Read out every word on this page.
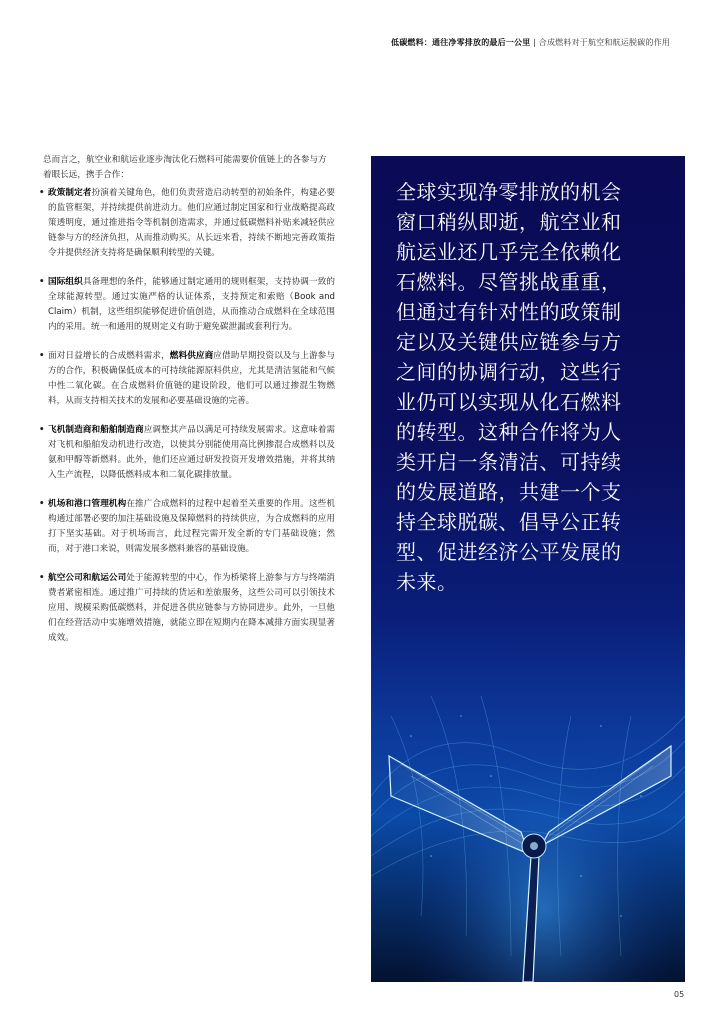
低碳燃料：通往净零排放的最后一公里 | 合成燃料对于航空和航运脱碳的作用
总而言之，航空业和航运业逐步淘汰化石燃料可能需要价值链上的各参与方着眼长远，携手合作：
• 政策制定者扮演着关键角色，他们负责营造启动转型的初始条件，构建必要的监管框架，并持续提供前进动力。他们应通过制定国家和行业战略提高政策透明度，通过推进指令等机制创造需求，并通过低碳燃料补贴来减轻供应链参与方的经济负担，从而推动购买。从长远来看，持续不断地完善政策指令并提供经济支持将是确保顺利转型的关键。
• 国际组织具备理想的条件，能够通过制定通用的规则框架，支持协调一致的全球能源转型。通过实施严格的认证体系，支持预定和索赔（Book and Claim）机制，这些组织能够促进价值创造，从而推动合成燃料在全球范围内的采用。统一和通用的规则定义有助于避免碳泄漏或套利行为。
• 面对日益增长的合成燃料需求，燃料供应商应借助早期投资以及与上游参与方的合作，积极确保低成本的可持续能源原料供应，尤其是清洁氢能和气候中性二氧化碳。在合成燃料价值链的建设阶段，他们可以通过掺混生物燃料，从而支持相关技术的发展和必要基础设施的完善。
• 飞机制造商和船舶制造商应调整其产品以满足可持续发展需求。这意味着需对飞机和船舶发动机进行改造，以使其分别能使用高比例掺混合成燃料以及氨和甲醇等新燃料。此外，他们还应通过研发投资开发增效措施，并将其纳入生产流程，以降低燃料成本和二氧化碳排放量。
• 机场和港口管理机构在推广合成燃料的过程中起着至关重要的作用。这些机构通过部署必要的加注基础设施及保障燃料的持续供应，为合成燃料的应用打下坚实基础。对于机场而言，此过程完需开发全新的专门基础设施；然而，对于港口来说，则需发展多燃料兼容的基础设施。
• 航空公司和航运公司处于能源转型的中心，作为桥梁将上游参与方与终端消费者紧密相连。通过推广可持续的货运和差旅服务，这些公司可以引领技术应用、规模采购低碳燃料，并促进各供应链参与方协同进步。此外，一旦他们在经营活动中实施增效措施，就能立即在短期内在降本减排方面实现显著成效。
全球实现净零排放的机会窗口稍纵即逝，航空业和航运业还几乎完全依赖化石燃料。尽管挑战重重，但通过有针对性的政策制定以及关键供应链参与方之间的协调行动，这些行业仍可以实现从化石燃料的转型。这种合作将为人类开启一条清洁、可持续的发展道路，共建一个支持全球脱碳、倡导公正转型、促进经济公平发展的未来。
05
